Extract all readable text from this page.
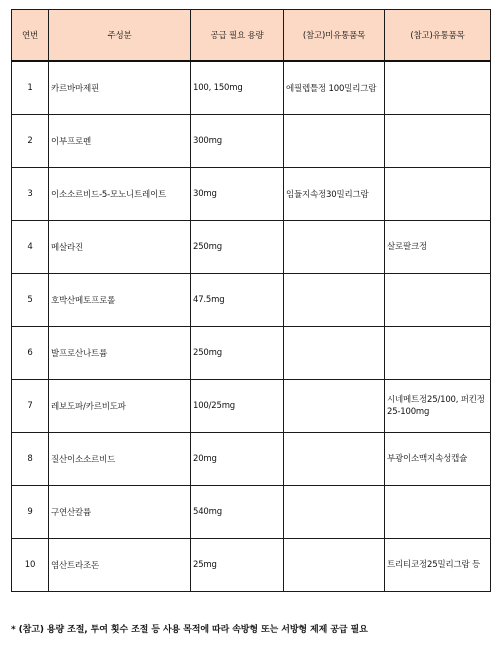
연번	주성분	공급 필요 용량	(참고)미유통품목	(참고)유통품목
1	카르바마제핀	100, 150mg	에필렙틀정 100밀리그람	
2	이부프로펜	300mg		
3	이소소르비드-5-모노니트레이트	30mg	임듈지속정30밀리그람	
4	메살라진	250mg		살로팔크정
5	호박산메토프로롤	47.5mg		
6	발프로산나트륨	250mg		
7	레보도파/카르비도파	100/25mg		시네메트정25/100, 퍼킨정25-100mg
8	질산이소소르비드	20mg		부광이소맥지속성캡슐
9	구연산칼륨	540mg		
10	염산트라조돈	25mg		트리티코정25밀리그람 등
* (참고) 용량 조절, 투여 횟수 조절 등 사용 목적에 따라 속방형 또는 서방형 제제 공급 필요
